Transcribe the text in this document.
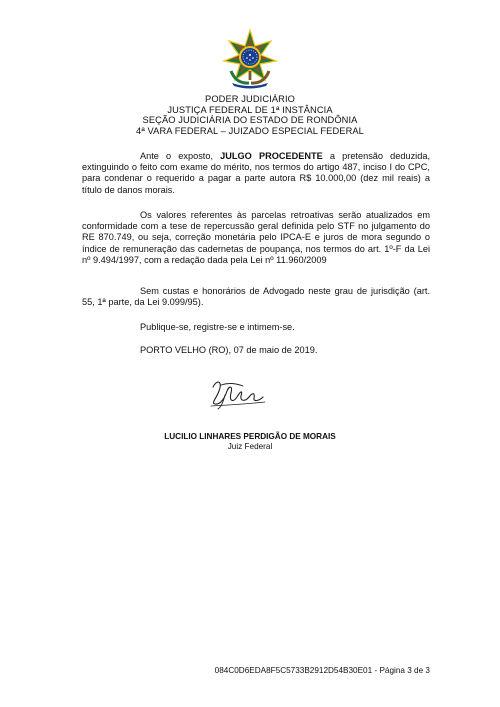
PODER JUDICIÁRIO
JUSTIÇA FEDERAL DE 1ª INSTÂNCIA
SEÇÃO JUDICIÁRIA DO ESTADO DE RONDÔNIA
4ª VARA FEDERAL – JUIZADO ESPECIAL FEDERAL

Ante o exposto, JULGO PROCEDENTE a pretensão deduzida, extinguindo o feito com exame do mérito, nos termos do artigo 487, inciso I do CPC, para condenar o requerido a pagar a parte autora R$ 10.000,00 (dez mil reais) a título de danos morais.

Os valores referentes às parcelas retroativas serão atualizados em conformidade com a tese de repercussão geral definida pelo STF no julgamento do RE 870.749, ou seja, correção monetária pelo IPCA-E e juros de mora segundo o índice de remuneração das cadernetas de poupança, nos termos do art. 1º-F da Lei nº 9.494/1997, com a redação dada pela Lei nº 11.960/2009

Sem custas e honorários de Advogado neste grau de jurisdição (art. 55, 1ª parte, da Lei 9.099/95).

Publique-se, registre-se e intimem-se.

PORTO VELHO (RO), 07 de maio de 2019.

LUCILIO LINHARES PERDIGÃO DE MORAIS
Juiz Federal
084C0D6EDA8F5C5733B2912D54B30E01 - Página 3 de 3
